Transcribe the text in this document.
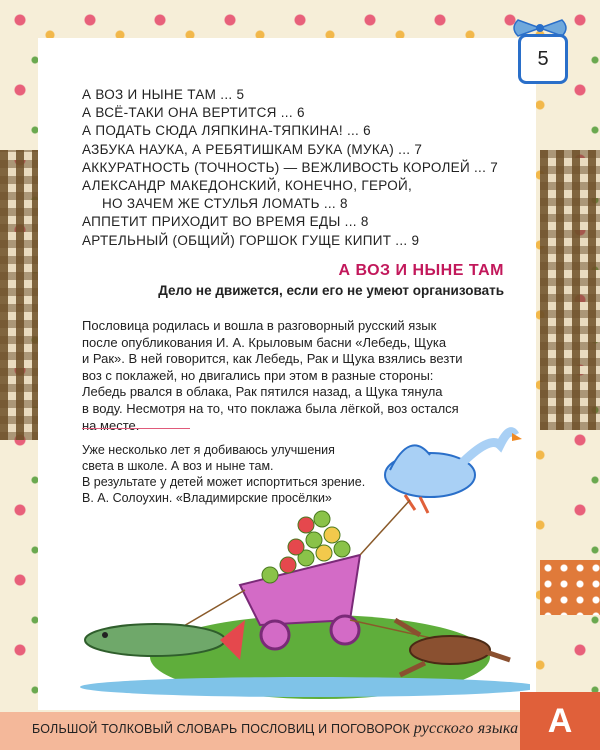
5
А ВОЗ И НЫНЕ ТАМ ... 5
А ВСЁ-ТАКИ ОНА ВЕРТИТСЯ ... 6
А ПОДАТЬ СЮДА ЛЯПКИНА-ТЯПКИНА! ... 6
АЗБУКА НАУКА, А РЕБЯТИШКАМ БУКА (МУКА) ... 7
АККУРАТНОСТЬ (ТОЧНОСТЬ) — ВЕЖЛИВОСТЬ КОРОЛЕЙ ... 7
АЛЕКСАНДР МАКЕДОНСКИЙ, КОНЕЧНО, ГЕРОЙ,
НО ЗАЧЕМ ЖЕ СТУЛЬЯ ЛОМАТЬ ... 8
АППЕТИТ ПРИХОДИТ ВО ВРЕМЯ ЕДЫ ... 8
АРТЕЛЬНЫЙ (ОБЩИЙ) ГОРШОК ГУЩЕ КИПИТ ... 9
А ВОЗ И НЫНЕ ТАМ
Дело не движется, если его не умеют организовать
Пословица родилась и вошла в разговорный русский язык
после опубликования И. А. Крыловым басни «Лебедь, Щука
и Рак». В ней говорится, как Лебедь, Рак и Щука взялись везти
воз с поклажей, но двигались при этом в разные стороны:
Лебедь рвался в облака, Рак пятился назад, а Щука тянула
в воду. Несмотря на то, что поклажа была лёгкой, воз остался
на месте.
Уже несколько лет я добиваюсь улучшения
света в школе. А воз и ныне там.
В результате у детей может испортиться зрение.
В. А. Солоухин. «Владимирские просёлки»
БОЛЬШОЙ ТОЛКОВЫЙ СЛОВАРЬ ПОСЛОВИЦ И ПОГОВОРОК русского языка А
